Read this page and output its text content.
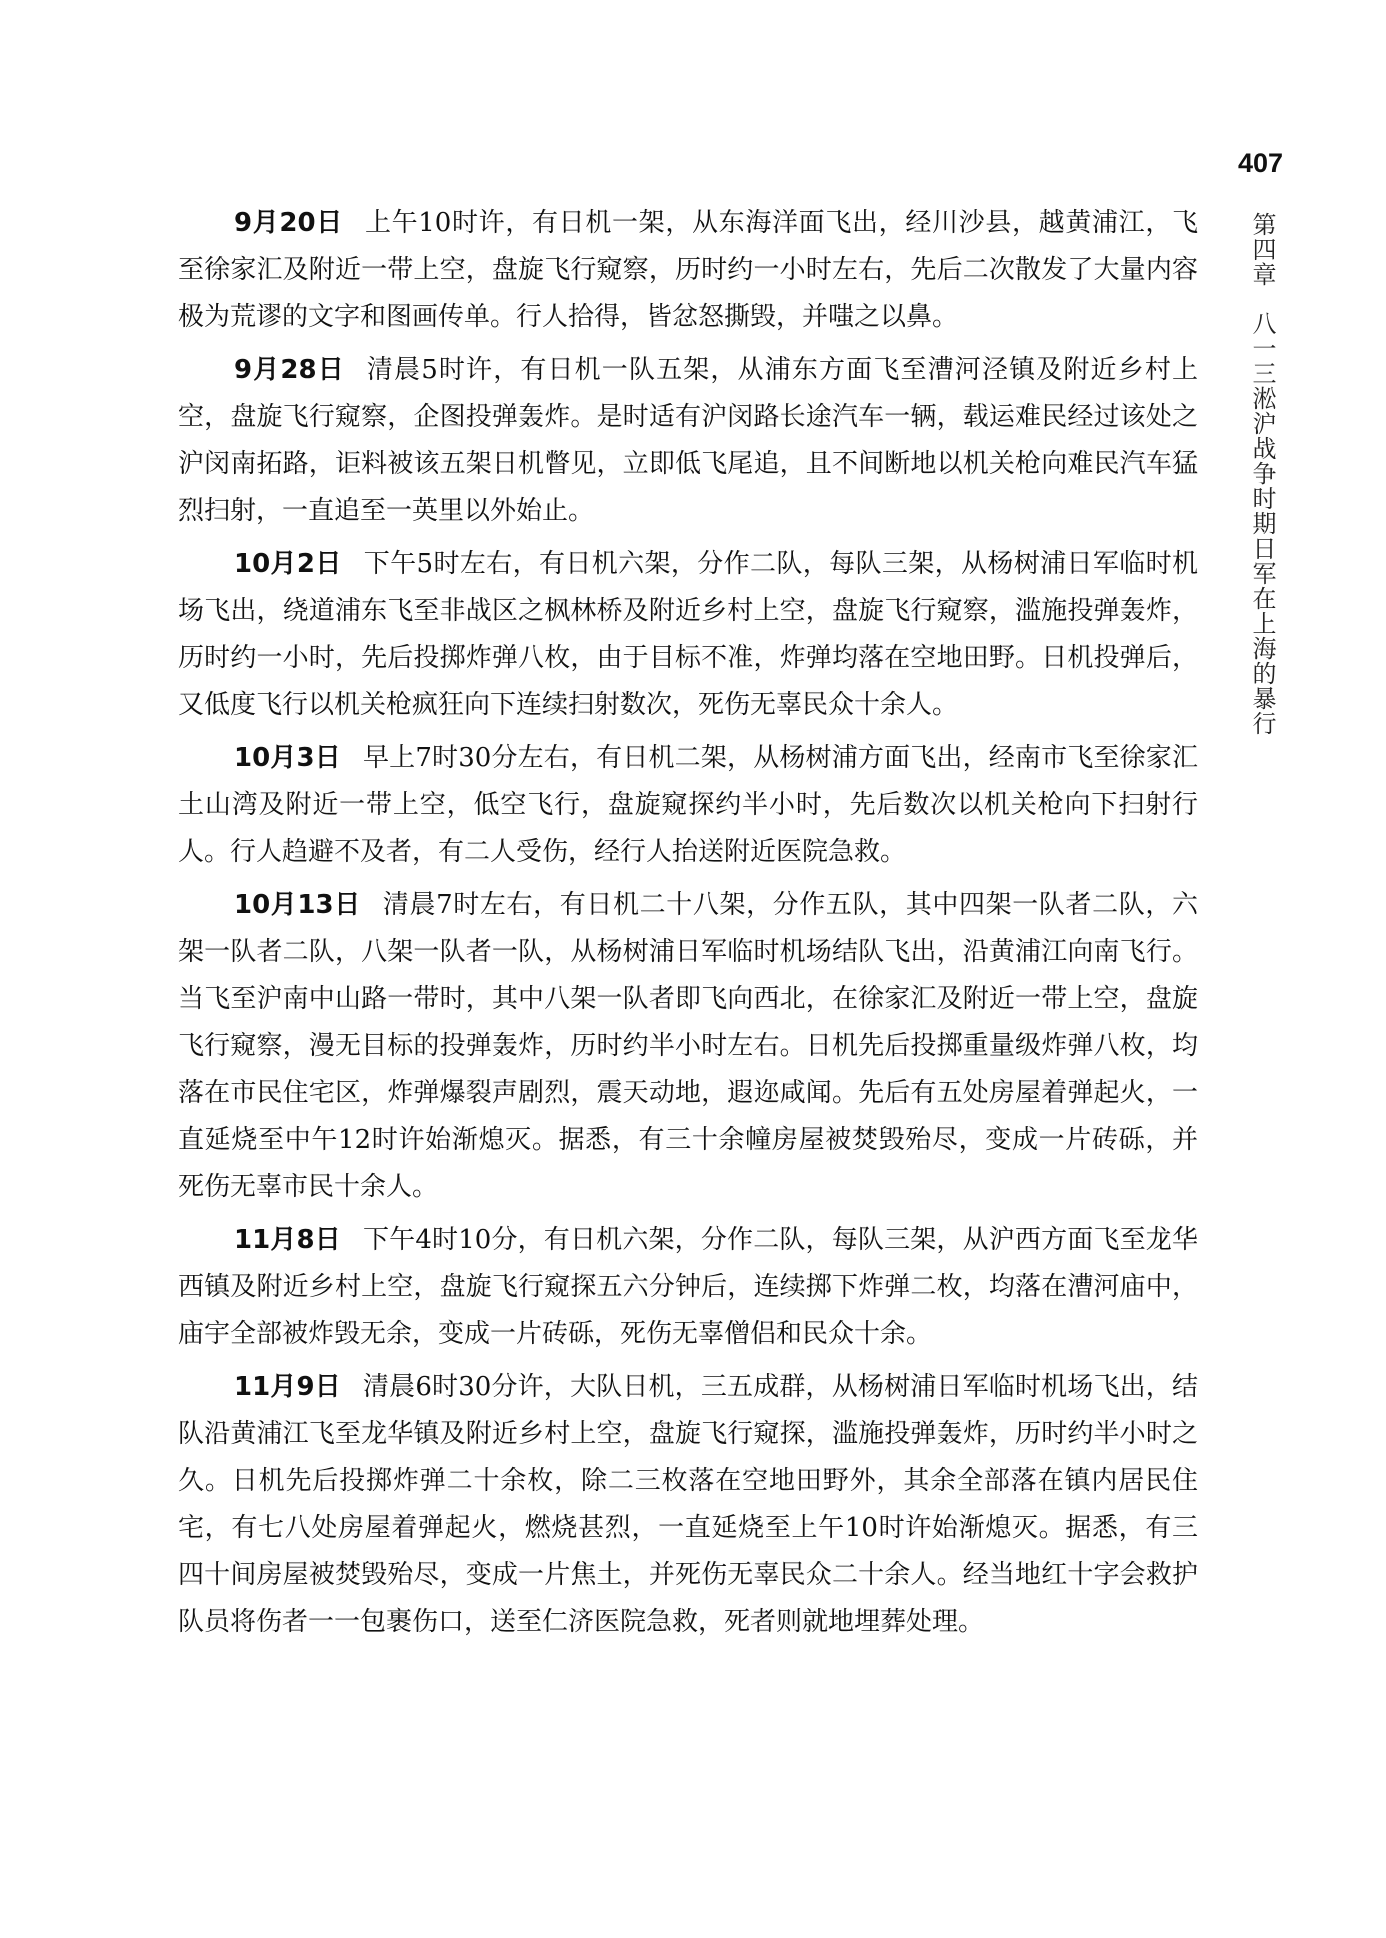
407
第四章八一三淞沪战争时期日军在上海的暴行

9月20日 上午10时许，有日机一架，从东海洋面飞出，经川沙县，越黄浦江，飞至徐家汇及附近一带上空，盘旋飞行窥察，历时约一小时左右，先后二次散发了大量内容极为荒谬的文字和图画传单。行人拾得，皆忿怒撕毁，并嗤之以鼻。

9月28日 清晨5时许，有日机一队五架，从浦东方面飞至漕河泾镇及附近乡村上空，盘旋飞行窥察，企图投弹轰炸。是时适有沪闵路长途汽车一辆，载运难民经过该处之沪闵南拓路，讵料被该五架日机瞥见，立即低飞尾追，且不间断地以机关枪向难民汽车猛烈扫射，一直追至一英里以外始止。

10月2日 下午5时左右，有日机六架，分作二队，每队三架，从杨树浦日军临时机场飞出，绕道浦东飞至非战区之枫林桥及附近乡村上空，盘旋飞行窥察，滥施投弹轰炸，历时约一小时，先后投掷炸弹八枚，由于目标不准，炸弹均落在空地田野。日机投弹后，又低度飞行以机关枪疯狂向下连续扫射数次，死伤无辜民众十余人。

10月3日 早上7时30分左右，有日机二架，从杨树浦方面飞出，经南市飞至徐家汇土山湾及附近一带上空，低空飞行，盘旋窥探约半小时，先后数次以机关枪向下扫射行人。行人趋避不及者，有二人受伤，经行人抬送附近医院急救。

10月13日 清晨7时左右，有日机二十八架，分作五队，其中四架一队者二队，六架一队者二队，八架一队者一队，从杨树浦日军临时机场结队飞出，沿黄浦江向南飞行。当飞至沪南中山路一带时，其中八架一队者即飞向西北，在徐家汇及附近一带上空，盘旋飞行窥察，漫无目标的投弹轰炸，历时约半小时左右。日机先后投掷重量级炸弹八枚，均落在市民住宅区，炸弹爆裂声剧烈，震天动地，遐迩咸闻。先后有五处房屋着弹起火，一直延烧至中午12时许始渐熄灭。据悉，有三十余幢房屋被焚毁殆尽，变成一片砖砾，并死伤无辜市民十余人。

11月8日 下午4时10分，有日机六架，分作二队，每队三架，从沪西方面飞至龙华西镇及附近乡村上空，盘旋飞行窥探五六分钟后，连续掷下炸弹二枚，均落在漕河庙中，庙宇全部被炸毁无余，变成一片砖砾，死伤无辜僧侣和民众十余。

11月9日 清晨6时30分许，大队日机，三五成群，从杨树浦日军临时机场飞出，结队沿黄浦江飞至龙华镇及附近乡村上空，盘旋飞行窥探，滥施投弹轰炸，历时约半小时之久。日机先后投掷炸弹二十余枚，除二三枚落在空地田野外，其余全部落在镇内居民住宅，有七八处房屋着弹起火，燃烧甚烈，一直延烧至上午10时许始渐熄灭。据悉，有三四十间房屋被焚毁殆尽，变成一片焦土，并死伤无辜民众二十余人。经当地红十字会救护队员将伤者一一包裹伤口，送至仁济医院急救，死者则就地埋葬处理。
